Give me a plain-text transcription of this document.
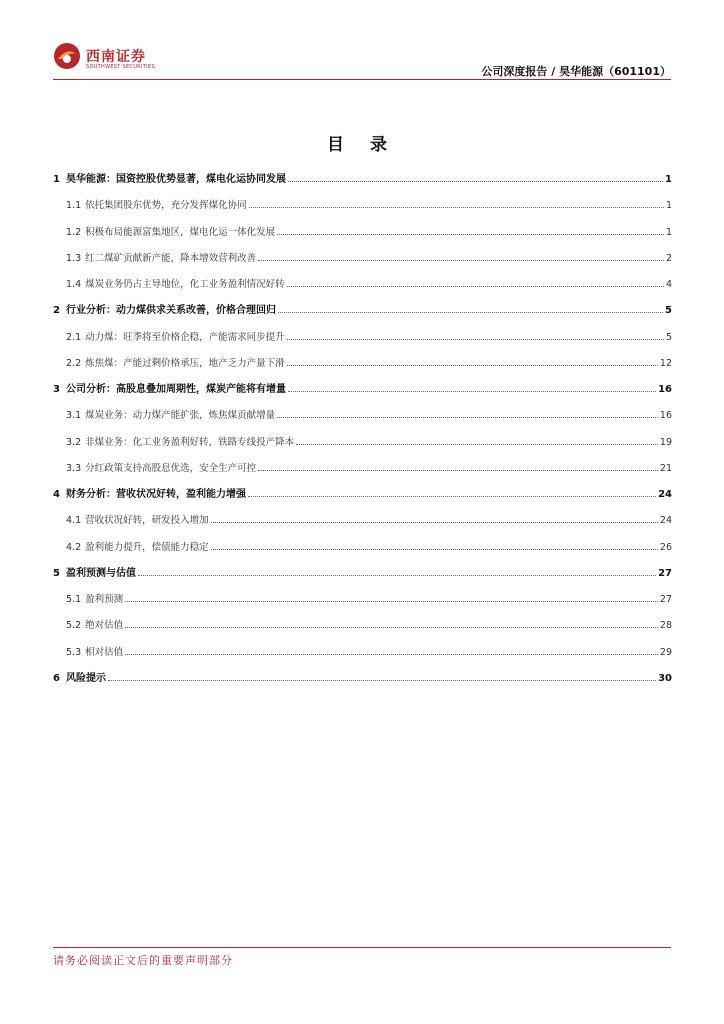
西南证券
SOUTHWEST SECURITIES	公司深度报告 / 昊华能源（601101）
目 录
1 昊华能源：国资控股优势显著，煤电化运协同发展	1
1.1 依托集团股东优势，充分发挥煤化协同	1
1.2 积极布局能源富集地区，煤电化运一体化发展	1
1.3 红二煤矿贡献新产能，降本增效营利改善	2
1.4 煤炭业务仍占主导地位，化工业务盈利情况好转	4
2 行业分析：动力煤供求关系改善，价格合理回归	5
2.1 动力煤：旺季将至价格企稳，产能需求同步提升	5
2.2 炼焦煤：产能过剩价格承压，地产乏力产量下滑	12
3 公司分析：高股息叠加周期性，煤炭产能将有增量	16
3.1 煤炭业务：动力煤产能扩张，炼焦煤贡献增量	16
3.2 非煤业务：化工业务盈利好转，铁路专线投产降本	19
3.3 分红政策支持高股息优选，安全生产可控	21
4 财务分析：营收状况好转，盈利能力增强	24
4.1 营收状况好转，研发投入增加	24
4.2 盈利能力提升，偿债能力稳定	26
5 盈利预测与估值	27
5.1 盈利预测	27
5.2 绝对估值	28
5.3 相对估值	29
6 风险提示	30
请务必阅读正文后的重要声明部分
